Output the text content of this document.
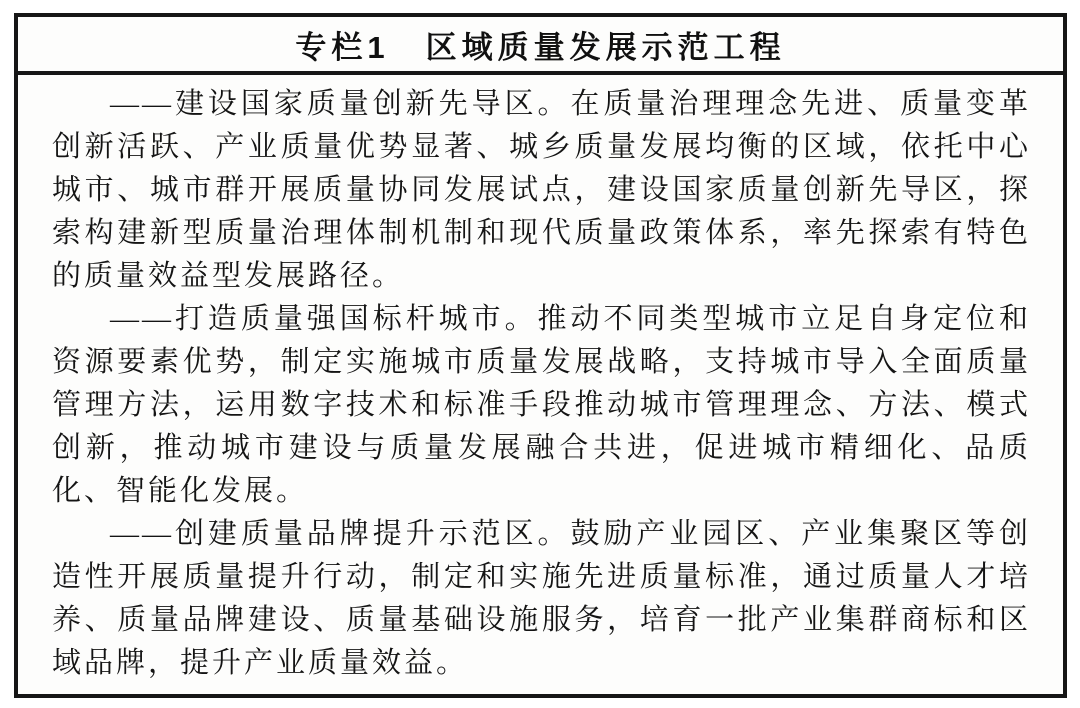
专栏1　区域质量发展示范工程

——建设国家质量创新先导区。在质量治理理念先进、质量变革创新活跃、产业质量优势显著、城乡质量发展均衡的区域，依托中心城市、城市群开展质量协同发展试点，建设国家质量创新先导区，探索构建新型质量治理体制机制和现代质量政策体系，率先探索有特色的质量效益型发展路径。

——打造质量强国标杆城市。推动不同类型城市立足自身定位和资源要素优势，制定实施城市质量发展战略，支持城市导入全面质量管理方法，运用数字技术和标准手段推动城市管理理念、方法、模式创新，推动城市建设与质量发展融合共进，促进城市精细化、品质化、智能化发展。

——创建质量品牌提升示范区。鼓励产业园区、产业集聚区等创造性开展质量提升行动，制定和实施先进质量标准，通过质量人才培养、质量品牌建设、质量基础设施服务，培育一批产业集群商标和区域品牌，提升产业质量效益。
